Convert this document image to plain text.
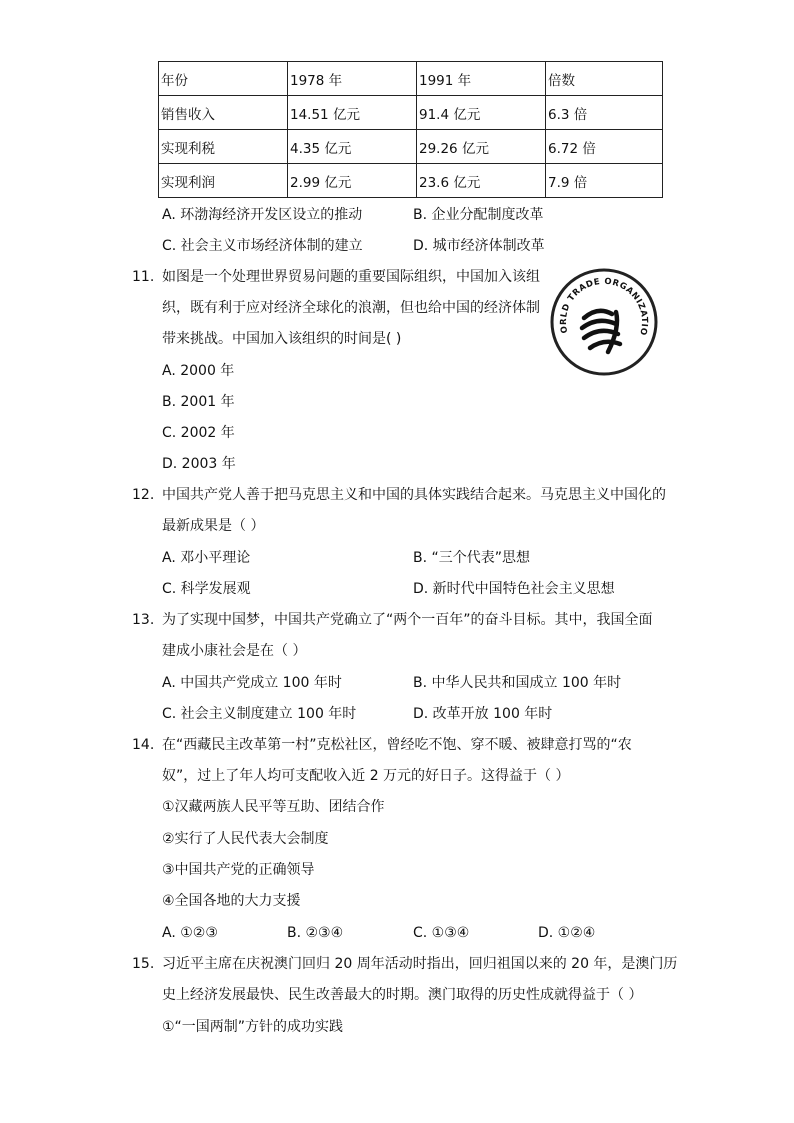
年份	1978 年	1991 年	倍数
销售收入	14.51 亿元	91.4 亿元	6.3 倍
实现利税	4.35 亿元	29.26 亿元	6.72 倍
实现利润	2.99 亿元	23.6 亿元	7.9 倍
A. 环渤海经济开发区设立的推动	B. 企业分配制度改革
C. 社会主义市场经济体制的建立	D. 城市经济体制改革
11. 如图是一个处理世界贸易问题的重要国际组织，中国加入该组
织，既有利于应对经济全球化的浪潮，但也给中国的经济体制
带来挑战。中国加入该组织的时间是( )
ORLD TRADE ORGANIZATIO
A. 2000 年
B. 2001 年
C. 2002 年
D. 2003 年
12. 中国共产党人善于把马克思主义和中国的具体实践结合起来。马克思主义中国化的
最新成果是（ ）
A. 邓小平理论	B. “三个代表”思想
C. 科学发展观	D. 新时代中国特色社会主义思想
13. 为了实现中国梦，中国共产党确立了“两个一百年”的奋斗目标。其中，我国全面
建成小康社会是在（ ）
A. 中国共产党成立 100 年时	B. 中华人民共和国成立 100 年时
C. 社会主义制度建立 100 年时	D. 改革开放 100 年时
14. 在“西藏民主改革第一村”克松社区，曾经吃不饱、穿不暖、被肆意打骂的“农
奴”，过上了年人均可支配收入近 2 万元的好日子。这得益于（ ）
①汉藏两族人民平等互助、团结合作
②实行了人民代表大会制度
③中国共产党的正确领导
④全国各地的大力支援
A. ①②③	B. ②③④	C. ①③④	D. ①②④
15. 习近平主席在庆祝澳门回归 20 周年活动时指出，回归祖国以来的 20 年，是澳门历
史上经济发展最快、民生改善最大的时期。澳门取得的历史性成就得益于（ ）
①“一国两制”方针的成功实践
